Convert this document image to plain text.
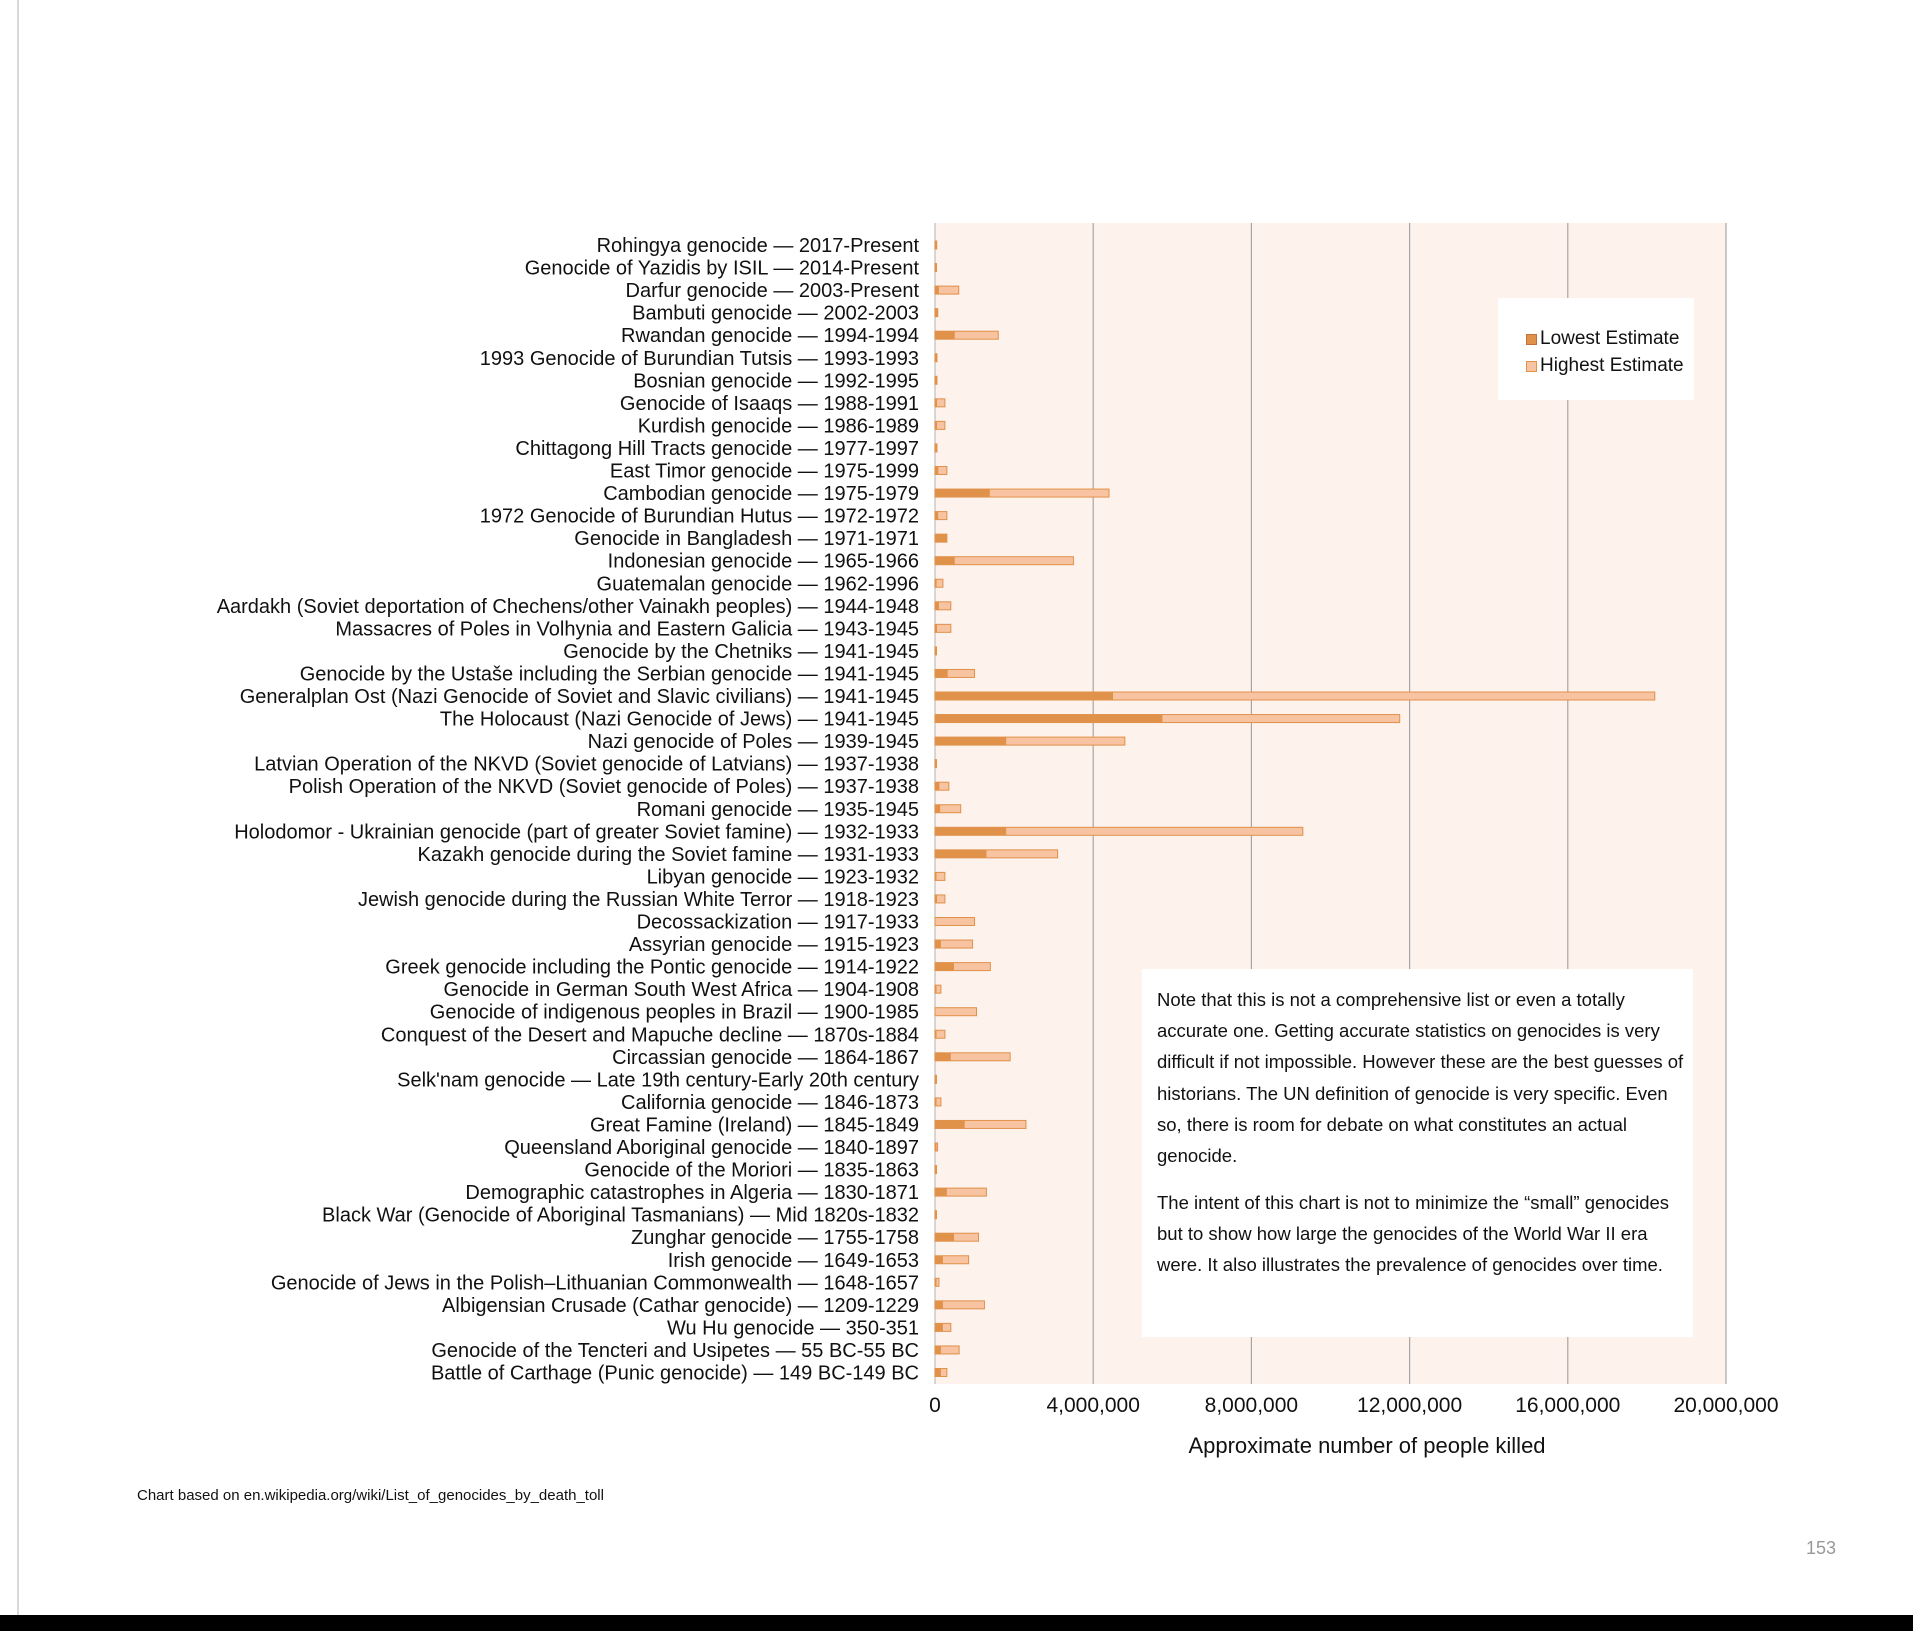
Rohingya genocide — 2017-Present
Genocide of Yazidis by ISIL — 2014-Present
Darfur genocide — 2003-Present
Bambuti genocide — 2002-2003
Rwandan genocide — 1994-1994
1993 Genocide of Burundian Tutsis — 1993-1993
Bosnian genocide — 1992-1995
Genocide of Isaaqs — 1988-1991
Kurdish genocide — 1986-1989
Chittagong Hill Tracts genocide — 1977-1997
East Timor genocide — 1975-1999
Cambodian genocide — 1975-1979
1972 Genocide of Burundian Hutus — 1972-1972
Genocide in Bangladesh — 1971-1971
Indonesian genocide — 1965-1966
Guatemalan genocide — 1962-1996
Aardakh (Soviet deportation of Chechens/other Vainakh peoples) — 1944-1948
Massacres of Poles in Volhynia and Eastern Galicia — 1943-1945
Genocide by the Chetniks — 1941-1945
Genocide by the Ustaše including the Serbian genocide — 1941-1945
Generalplan Ost (Nazi Genocide of Soviet and Slavic civilians) — 1941-1945
The Holocaust (Nazi Genocide of Jews) — 1941-1945
Nazi genocide of Poles — 1939-1945
Latvian Operation of the NKVD (Soviet genocide of Latvians) — 1937-1938
Polish Operation of the NKVD (Soviet genocide of Poles) — 1937-1938
Romani genocide — 1935-1945
Holodomor - Ukrainian genocide (part of greater Soviet famine) — 1932-1933
Kazakh genocide during the Soviet famine — 1931-1933
Libyan genocide — 1923-1932
Jewish genocide during the Russian White Terror — 1918-1923
Decossackization — 1917-1933
Assyrian genocide — 1915-1923
Greek genocide including the Pontic genocide — 1914-1922
Genocide in German South West Africa — 1904-1908
Genocide of indigenous peoples in Brazil — 1900-1985
Conquest of the Desert and Mapuche decline — 1870s-1884
Circassian genocide — 1864-1867
Selk'nam genocide — Late 19th century-Early 20th century
California genocide — 1846-1873
Great Famine (Ireland) — 1845-1849
Queensland Aboriginal genocide — 1840-1897
Genocide of the Moriori — 1835-1863
Demographic catastrophes in Algeria — 1830-1871
Black War (Genocide of Aboriginal Tasmanians) — Mid 1820s-1832
Zunghar genocide — 1755-1758
Irish genocide — 1649-1653
Genocide of Jews in the Polish–Lithuanian Commonwealth — 1648-1657
Albigensian Crusade (Cathar genocide) — 1209-1229
Wu Hu genocide — 350-351
Genocide of the Tencteri and Usipetes — 55 BC-55 BC
Battle of Carthage (Punic genocide) — 149 BC-149 BC
0	4,000,000	8,000,000	12,000,000	16,000,000	20,000,000
Approximate number of people killed
Lowest Estimate
Highest Estimate

Note that this is not a comprehensive list or even a totally accurate one. Getting accurate statistics on genocides is very difficult if not impossible. However these are the best guesses of historians. The UN definition of genocide is very specific. Even so, there is room for debate on what constitutes an actual genocide.

The intent of this chart is not to minimize the “small” genocides but to show how large the genocides of the World War II era were. It also illustrates the prevalence of genocides over time.

Chart based on en.wikipedia.org/wiki/List_of_genocides_by_death_toll
153
